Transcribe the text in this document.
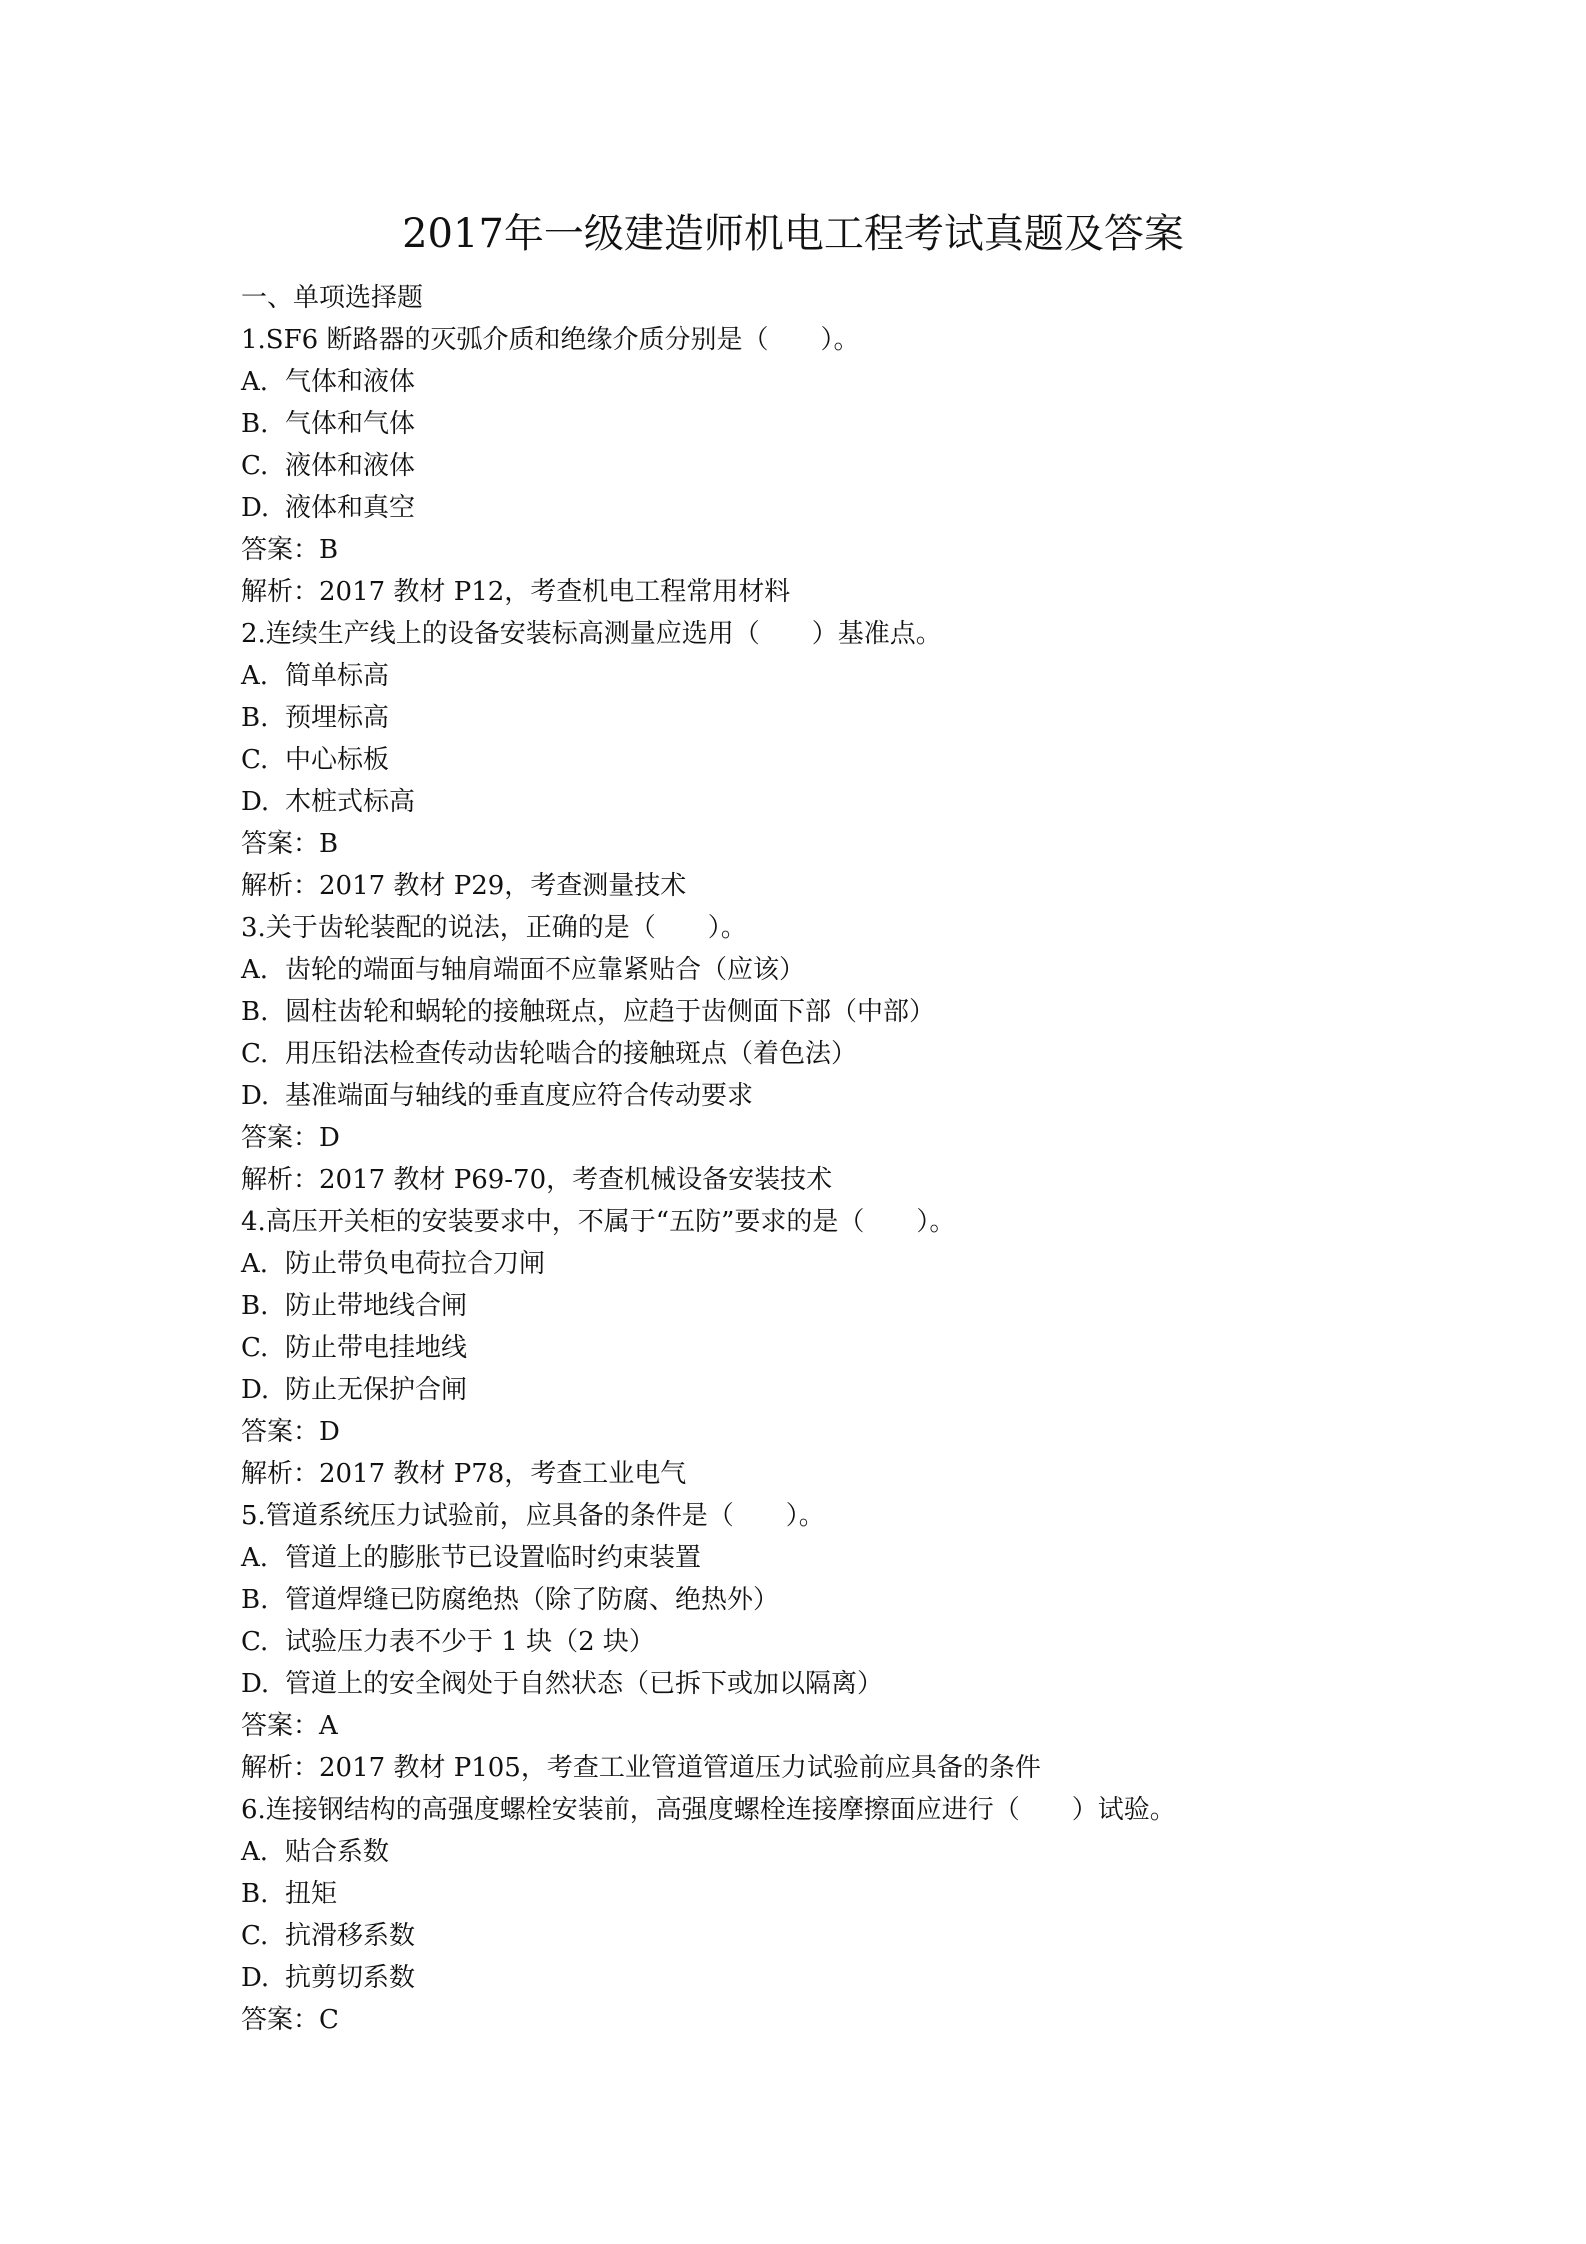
2017年一级建造师机电工程考试真题及答案
一、单项选择题
1.SF6 断路器的灭弧介质和绝缘介质分别是（　　）。
A. 气体和液体
B. 气体和气体
C. 液体和液体
D. 液体和真空
答案：B
解析：2017 教材 P12，考查机电工程常用材料
2.连续生产线上的设备安装标高测量应选用（　　）基准点。
A. 简单标高
B. 预埋标高
C. 中心标板
D. 木桩式标高
答案：B
解析：2017 教材 P29，考查测量技术
3.关于齿轮装配的说法，正确的是（　　）。
A. 齿轮的端面与轴肩端面不应靠紧贴合（应该）
B. 圆柱齿轮和蜗轮的接触斑点，应趋于齿侧面下部（中部）
C. 用压铅法检查传动齿轮啮合的接触斑点（着色法）
D. 基准端面与轴线的垂直度应符合传动要求
答案：D
解析：2017 教材 P69-70，考查机械设备安装技术
4.高压开关柜的安装要求中，不属于“五防”要求的是（　　）。
A. 防止带负电荷拉合刀闸
B. 防止带地线合闸
C. 防止带电挂地线
D. 防止无保护合闸
答案：D
解析：2017 教材 P78，考查工业电气
5.管道系统压力试验前，应具备的条件是（　　）。
A. 管道上的膨胀节已设置临时约束装置
B. 管道焊缝已防腐绝热（除了防腐、绝热外）
C. 试验压力表不少于 1 块（2 块）
D. 管道上的安全阀处于自然状态（已拆下或加以隔离）
答案：A
解析：2017 教材 P105，考查工业管道管道压力试验前应具备的条件
6.连接钢结构的高强度螺栓安装前，高强度螺栓连接摩擦面应进行（　　）试验。
A. 贴合系数
B. 扭矩
C. 抗滑移系数
D. 抗剪切系数
答案：C
